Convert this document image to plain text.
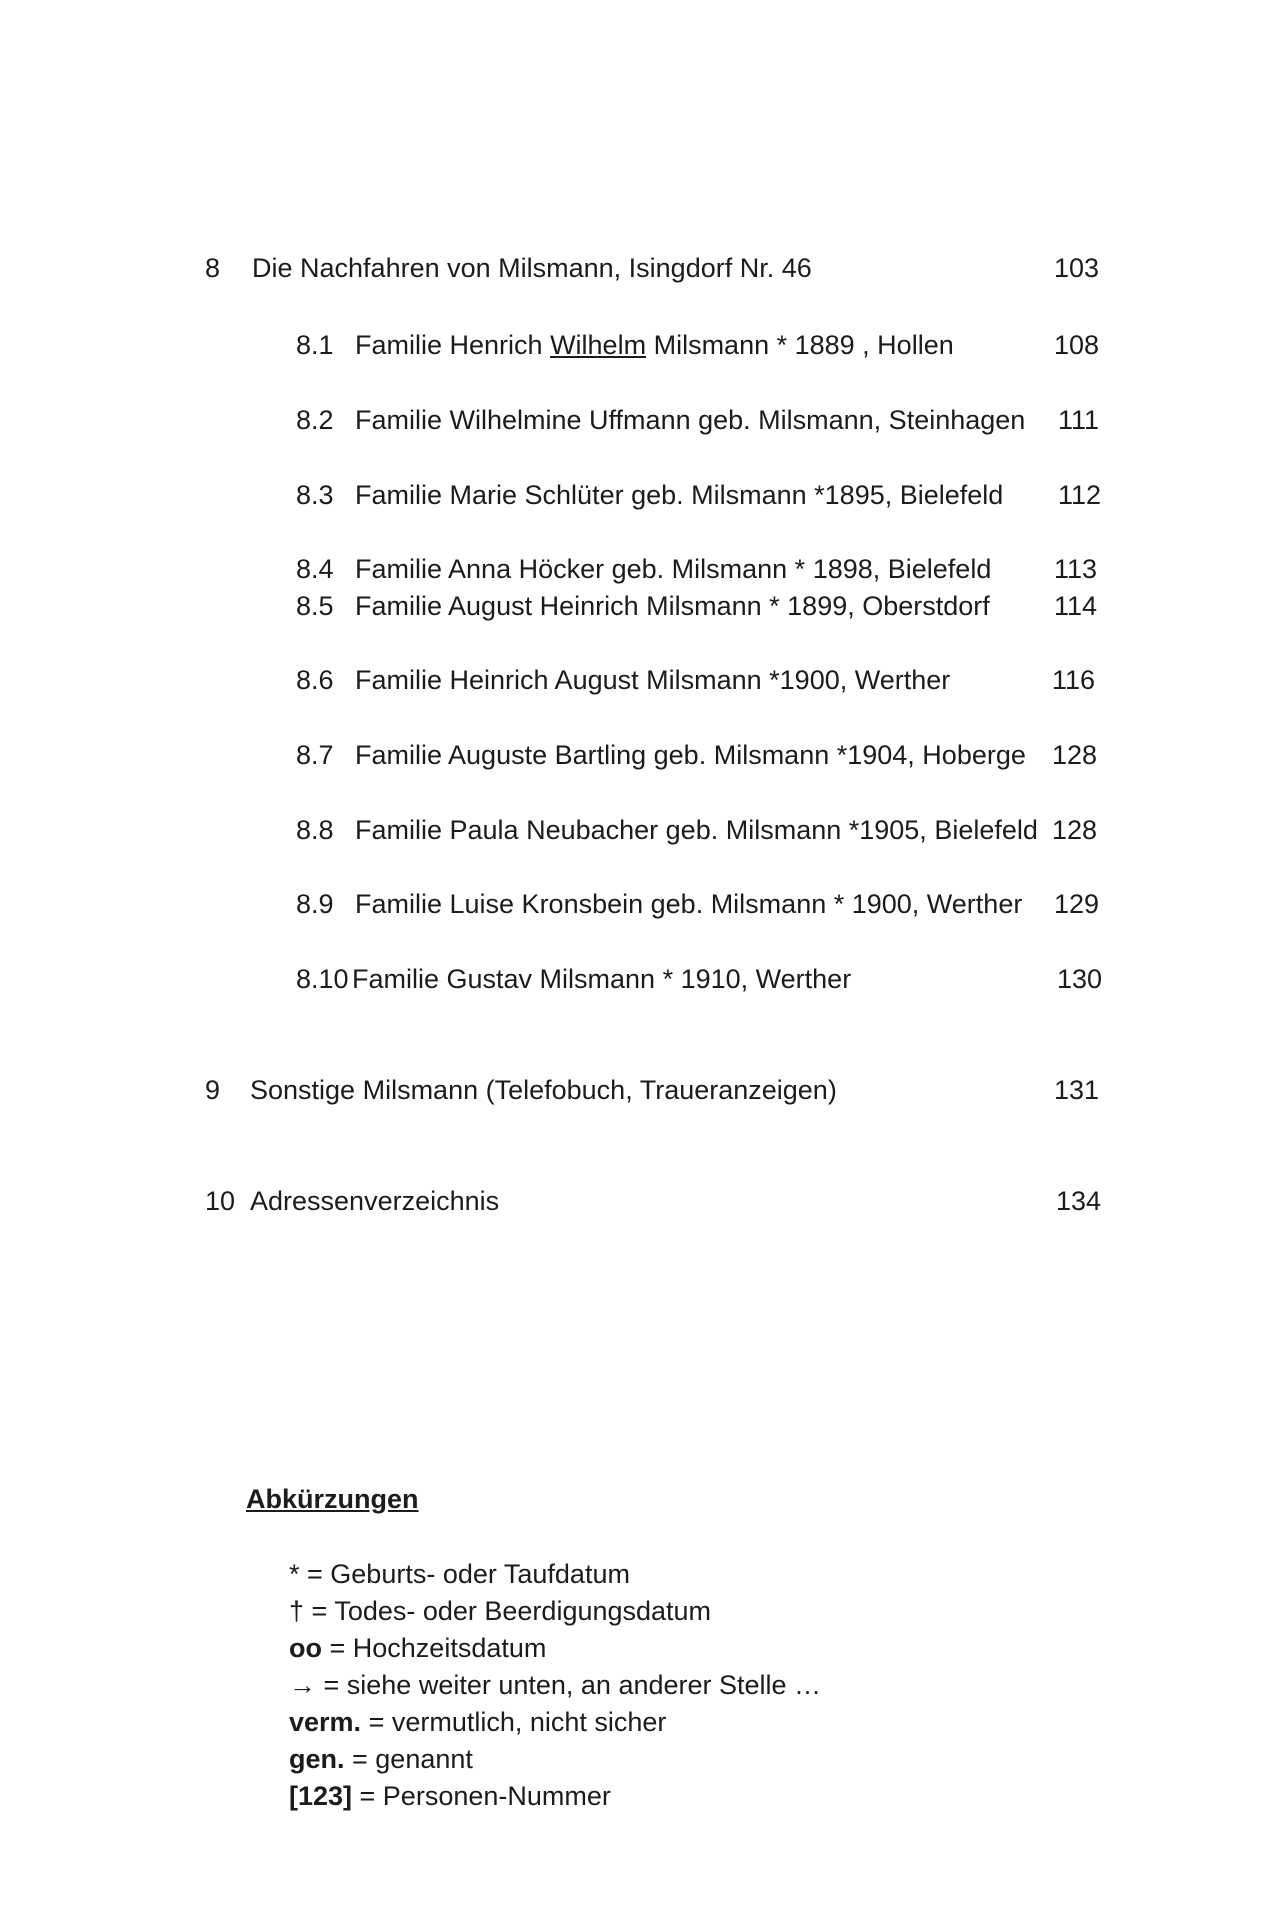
8 Die Nachfahren von Milsmann, Isingdorf Nr. 46	103
8.1 Familie Henrich Wilhelm Milsmann * 1889 , Hollen	108
8.2 Familie Wilhelmine Uffmann geb. Milsmann, Steinhagen 111
8.3 Familie Marie Schlüter geb. Milsmann *1895, Bielefeld 112
8.4 Familie Anna Höcker geb. Milsmann * 1898, Bielefeld 113
8.5 Familie August Heinrich Milsmann * 1899, Oberstdorf 114
8.6 Familie Heinrich August Milsmann *1900, Werther	116
8.7 Familie Auguste Bartling geb. Milsmann *1904, Hoberge 128
8.8 Familie Paula Neubacher geb. Milsmann *1905, Bielefeld 128
8.9 Familie Luise Kronsbein geb. Milsmann * 1900, Werther 129
8.10 Familie Gustav Milsmann * 1910, Werther	130
9 Sonstige Milsmann (Telefobuch, Traueranzeigen)	131
10 Adressenverzeichnis	134
Abkürzungen
* = Geburts- oder Taufdatum
† = Todes- oder Beerdigungsdatum
oo = Hochzeitsdatum
→ = siehe weiter unten, an anderer Stelle …
verm. = vermutlich, nicht sicher
gen. = genannt
[123] = Personen-Nummer
